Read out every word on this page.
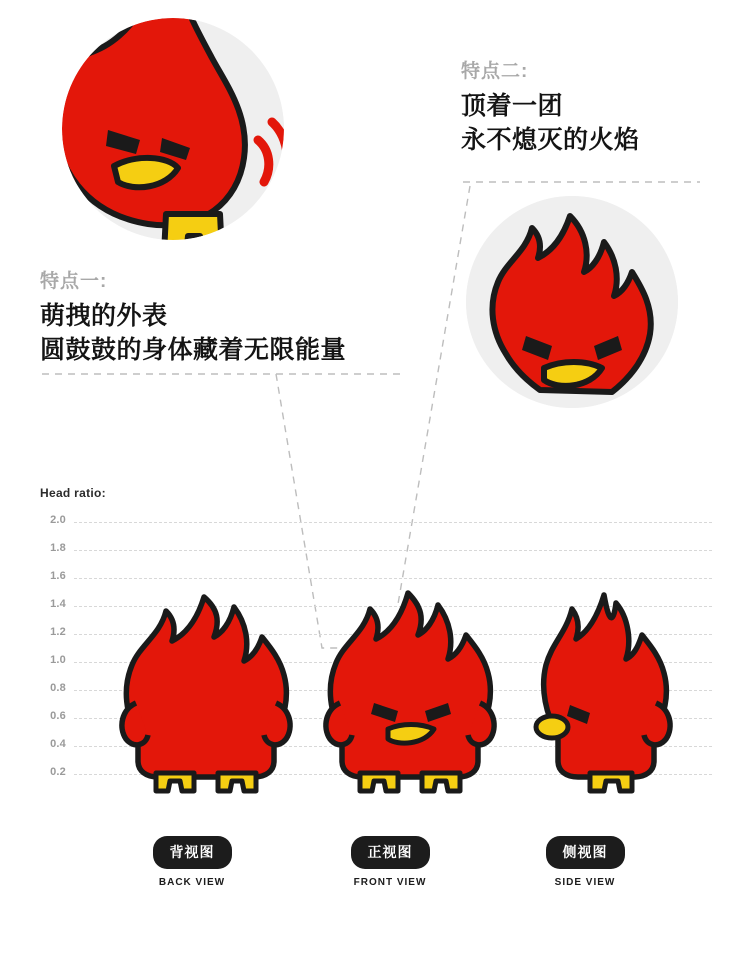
特点一:
萌拽的外表
圆鼓鼓的身体藏着无限能量
特点二:
顶着一团
永不熄灭的火焰
Head ratio:
2.0
1.8
1.6
1.4
1.2
1.0
0.8
0.6
0.4
0.2
背视图
BACK VIEW
正视图
FRONT VIEW
侧视图
SIDE VIEW
